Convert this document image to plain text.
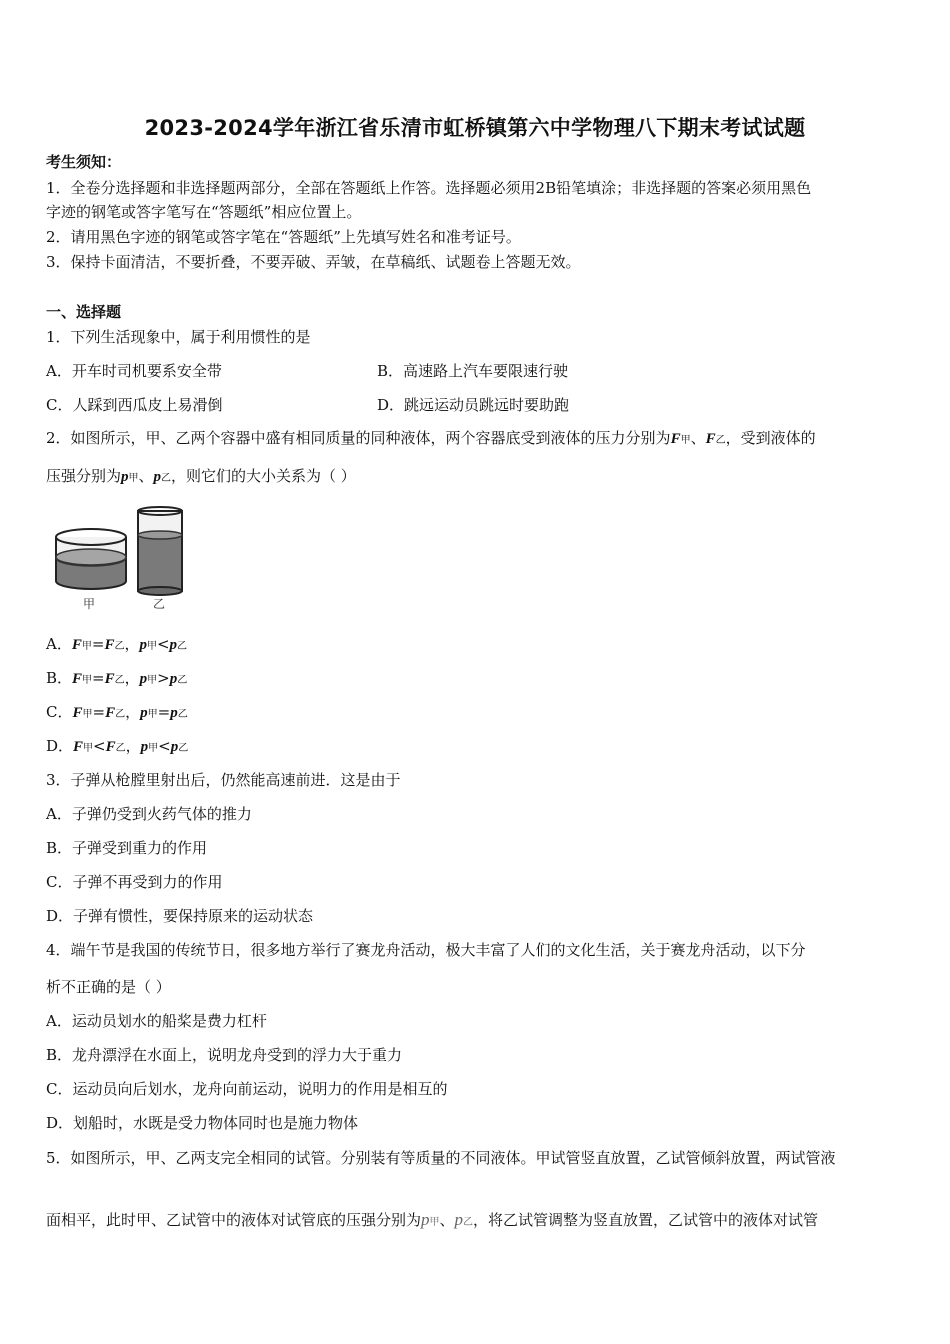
2023-2024学年浙江省乐清市虹桥镇第六中学物理八下期末考试试题
考生须知：
1．全卷分选择题和非选择题两部分，全部在答题纸上作答。选择题必须用2B铅笔填涂；非选择题的答案必须用黑色
字迹的钢笔或答字笔写在“答题纸”相应位置上。
2．请用黑色字迹的钢笔或答字笔在“答题纸”上先填写姓名和准考证号。
3．保持卡面清洁，不要折叠，不要弄破、弄皱，在草稿纸、试题卷上答题无效。
一、选择题
1．下列生活现象中，属于利用惯性的是
A．开车时司机要系安全带	B．高速路上汽车要限速行驶
C．人踩到西瓜皮上易滑倒	D．跳远运动员跳远时要助跑
2．如图所示，甲、乙两个容器中盛有相同质量的同种液体，两个容器底受到液体的压力分别为F甲、F乙，受到液体的
压强分别为p甲、p乙，则它们的大小关系为（ ）
甲	乙
A．F甲=F乙，p甲<p乙
B．F甲=F乙，p甲>p乙
C．F甲=F乙，p甲=p乙
D．F甲<F乙，p甲<p乙
3．子弹从枪膛里射出后，仍然能高速前进．这是由于
A．子弹仍受到火药气体的推力
B．子弹受到重力的作用
C．子弹不再受到力的作用
D．子弹有惯性，要保持原来的运动状态
4．端午节是我国的传统节日，很多地方举行了赛龙舟活动，极大丰富了人们的文化生活，关于赛龙舟活动，以下分
析不正确的是（ ）
A．运动员划水的船桨是费力杠杆
B．龙舟漂浮在水面上，说明龙舟受到的浮力大于重力
C．运动员向后划水，龙舟向前运动，说明力的作用是相互的
D．划船时，水既是受力物体同时也是施力物体
5．如图所示，甲、乙两支完全相同的试管。分别装有等质量的不同液体。甲试管竖直放置，乙试管倾斜放置，两试管液
面相平，此时甲、乙试管中的液体对试管底的压强分别为p甲、p乙，将乙试管调整为竖直放置，乙试管中的液体对试管
